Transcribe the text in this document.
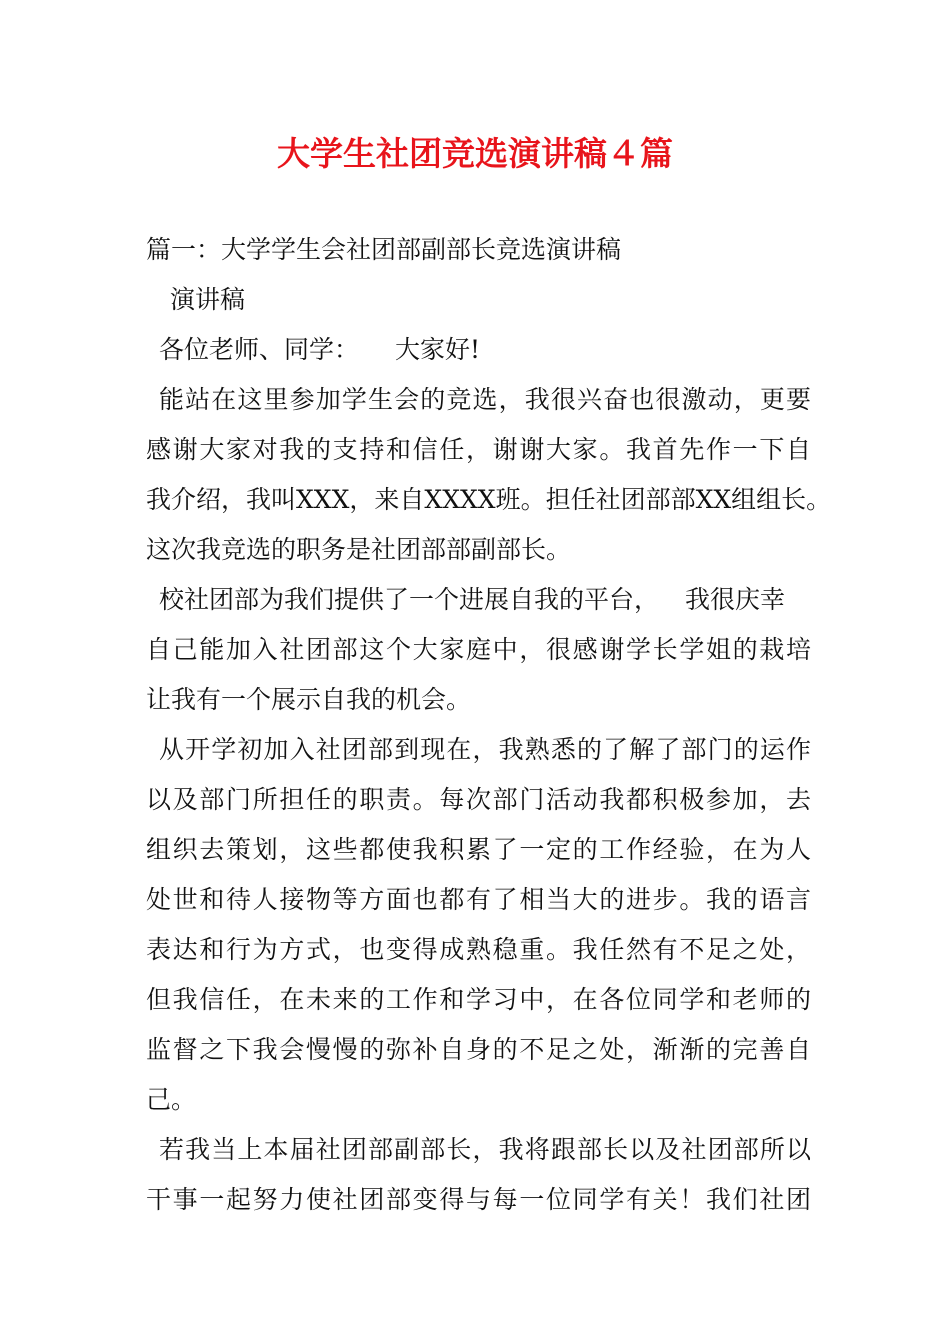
大学生社团竞选演讲稿４篇

篇一：大学学生会社团部副部长竞选演讲稿

演讲稿

各位老师、同学： 大家好!

能站在这里参加学生会的竞选，我很兴奋也很激动，更要

感谢大家对我的支持和信任，谢谢大家。我首先作一下自

我介绍，我叫XXX，来自XXXX班。担任社团部部XX组组长。

这次我竞选的职务是社团部部副部长。

校社团部为我们提供了一个进展自我的平台， 我很庆幸

自己能加入社团部这个大家庭中，很感谢学长学姐的栽培

让我有一个展示自我的机会。

从开学初加入社团部到现在，我熟悉的了解了部门的运作

以及部门所担任的职责。每次部门活动我都积极参加，去

组织去策划，这些都使我积累了一定的工作经验，在为人

处世和待人接物等方面也都有了相当大的进步。我的语言

表达和行为方式，也变得成熟稳重。我任然有不足之处，

但我信任，在未来的工作和学习中，在各位同学和老师的

监督之下我会慢慢的弥补自身的不足之处，渐渐的完善自

己。

若我当上本届社团部副部长，我将跟部长以及社团部所以

干事一起努力使社团部变得与每一位同学有关！我们社团
